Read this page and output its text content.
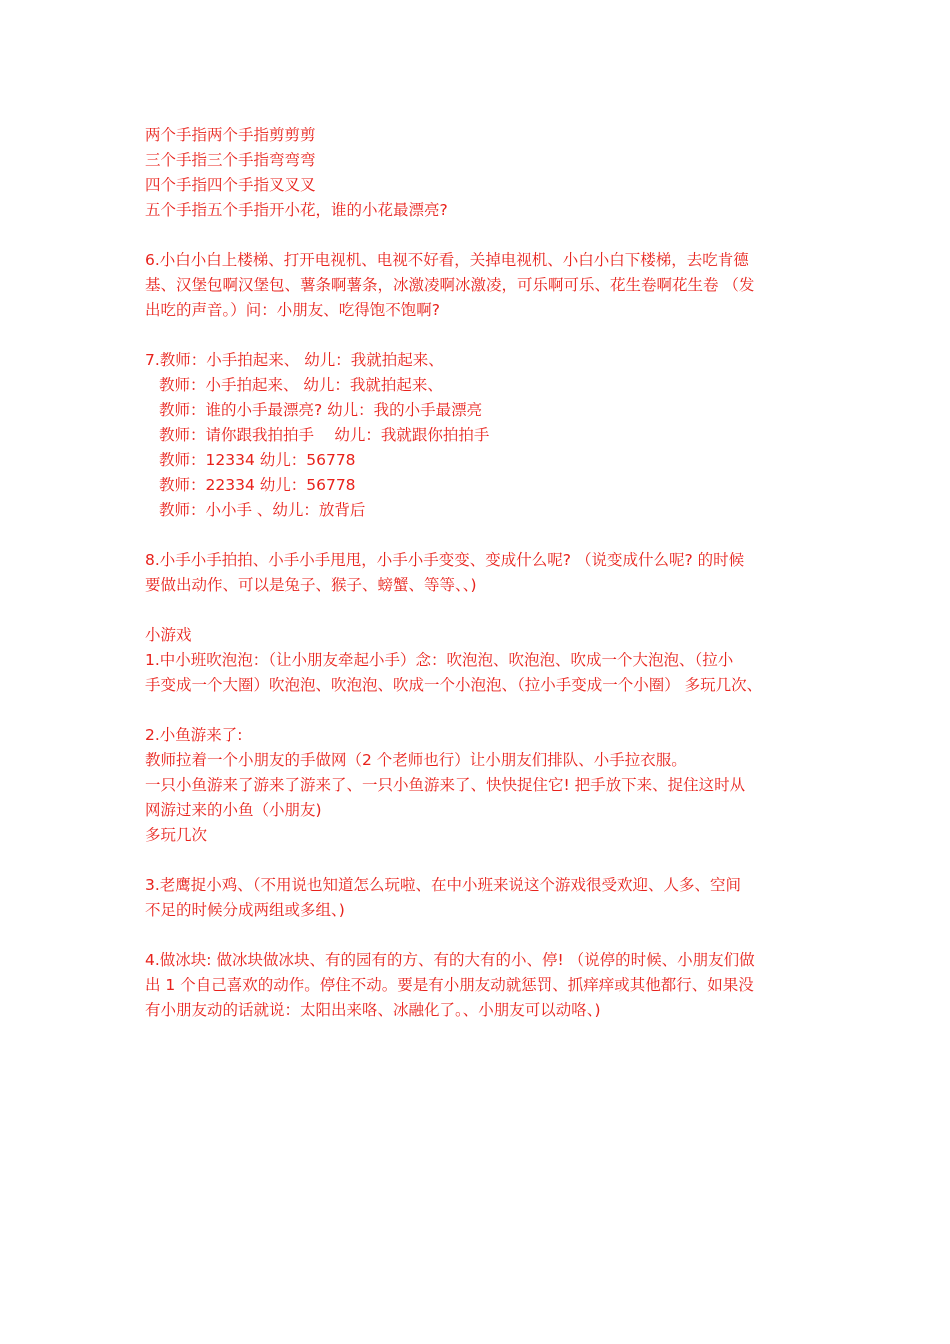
两个手指两个手指剪剪剪
三个手指三个手指弯弯弯
四个手指四个手指叉叉叉
五个手指五个手指开小花，谁的小花最漂亮?
6.小白小白上楼梯、打开电视机、电视不好看，关掉电视机、小白小白下楼梯，去吃肯德
基、汉堡包啊汉堡包、薯条啊薯条，冰激凌啊冰激凌，可乐啊可乐、花生卷啊花生卷 （发
出吃的声音。）问：小朋友、吃得饱不饱啊?
7.教师：小手拍起来、 幼儿：我就拍起来、
教师：小手拍起来、 幼儿：我就拍起来、
教师：谁的小手最漂亮? 幼儿：我的小手最漂亮
教师：请你跟我拍拍手　 幼儿：我就跟你拍拍手
教师：12334 幼儿：56778
教师：22334 幼儿：56778
教师：小小手 、幼儿：放背后
8.小手小手拍拍、小手小手甩甩，小手小手变变、变成什么呢? （说变成什么呢? 的时候
要做出动作、可以是兔子、猴子、螃蟹、等等、、)
小游戏
1.中小班吹泡泡：（让小朋友牵起小手）念：吹泡泡、吹泡泡、吹成一个大泡泡、（拉小
手变成一个大圈）吹泡泡、吹泡泡、吹成一个小泡泡、（拉小手变成一个小圈） 多玩几次、
2.小鱼游来了:
教师拉着一个小朋友的手做网（2 个老师也行）让小朋友们排队、小手拉衣服。
一只小鱼游来了游来了游来了、一只小鱼游来了、快快捉住它! 把手放下来、捉住这时从
网游过来的小鱼（小朋友)
多玩几次
3.老鹰捉小鸡、（不用说也知道怎么玩啦、在中小班来说这个游戏很受欢迎、人多、空间
不足的时候分成两组或多组、)
4.做冰块: 做冰块做冰块、有的园有的方、有的大有的小、停! （说停的时候、小朋友们做
出 1 个自己喜欢的动作。停住不动。要是有小朋友动就惩罚、抓痒痒或其他都行、如果没
有小朋友动的话就说：太阳出来咯、冰融化了。、小朋友可以动咯、)
